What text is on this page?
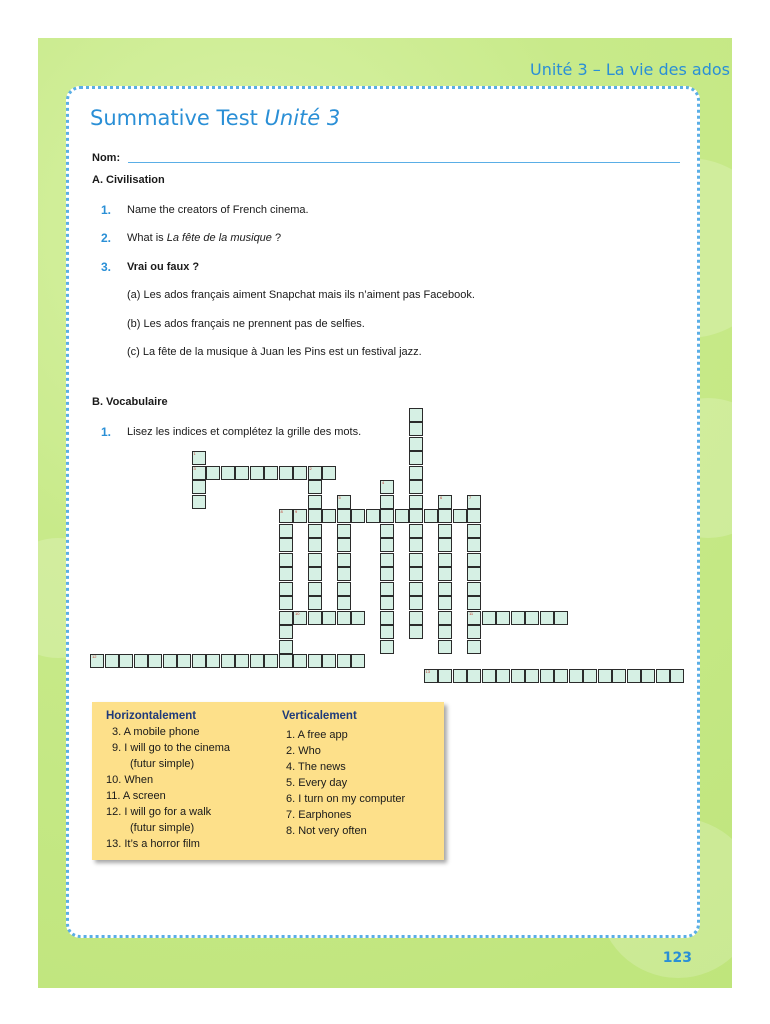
Unité 3 – La vie des ados
Summative Test Unité 3
Nom:
A. Civilisation
1. Name the creators of French cinema.
2. What is La fête de la musique ?
3. Vrai ou faux ?
(a) Les ados français aiment Snapchat mais ils n’aiment pas Facebook.
(b) Les ados français ne prennent pas de selfies.
(c) La fête de la musique à Juan les Pins est un festival jazz.
B. Vocabulaire
1. Lisez les indices et complétez la grille des mots.
1
3	2
4
5	6	7
11
8	9
10
12
13
Horizontalement	Verticalement
3. A mobile phone
9. I will go to the cinema
(futur simple)
10. When
11. A screen
12. I will go for a walk
(futur simple)
13. It’s a horror film
1. A free app
2. Who
4. The news
5. Every day
6. I turn on my computer
7. Earphones
8. Not very often
123
